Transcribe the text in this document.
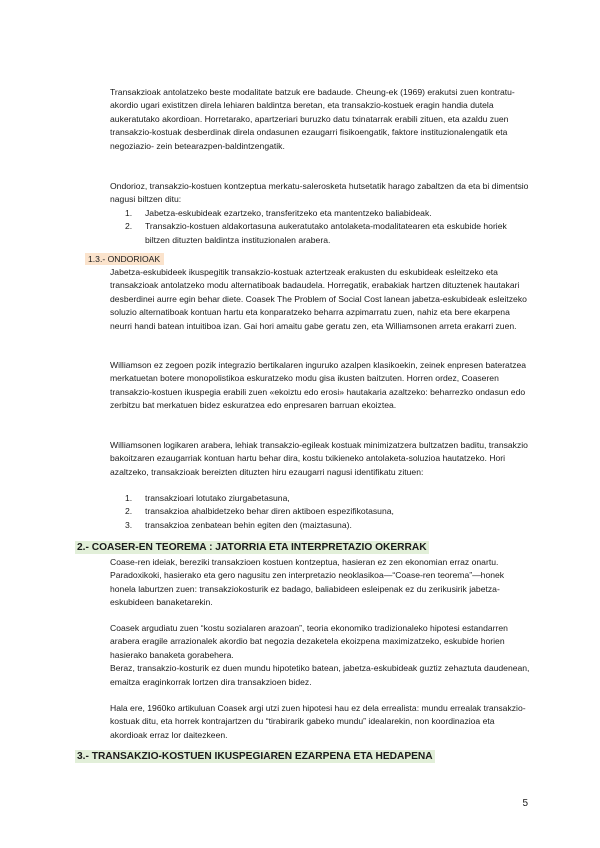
Transakzioak antolatzeko beste modalitate batzuk ere badaude. Cheung-ek (1969) erakutsi zuen kontratu-akordio ugari existitzen direla lehiaren baldintza beretan, eta transakzio-kostuek eragin handia dutela aukeratutako akordioan. Horretarako, apartzeriari buruzko datu txinatarrak erabili zituen, eta azaldu zuen transakzio-kostuak desberdinak direla ondasunen ezaugarri fisikoengatik, faktore instituzionalengatik eta negoziazio- zein betearazpen-baldintzengatik.

Ondorioz, transakzio-kostuen kontzeptua merkatu-salerosketa hutsetatik harago zabaltzen da eta bi dimentsio nagusi biltzen ditu:

1.	Jabetza-eskubideak ezartzeko, transferitzeko eta mantentzeko baliabideak.
2.	Transakzio-kostuen aldakortasuna aukeratutako antolaketa-modalitatearen eta eskubide horiek biltzen dituzten baldintza instituzionalen arabera.
1.3.- ONDORIOAK

Jabetza-eskubideek ikuspegitik transakzio-kostuak aztertzeak erakusten du eskubideak esleitzeko eta transakzioak antolatzeko modu alternatiboak badaudela. Horregatik, erabakiak hartzen dituztenek hautakari desberdinei aurre egin behar diete. Coasek The Problem of Social Cost lanean jabetza-eskubideak esleitzeko soluzio alternatiboak kontuan hartu eta konparatzeko beharra azpimarratu zuen, nahiz eta bere ekarpena neurri handi batean intuitiboa izan. Gai hori amaitu gabe geratu zen, eta Williamsonen arreta erakarri zuen.

Williamson ez zegoen pozik integrazio bertikalaren inguruko azalpen klasikoekin, zeinek enpresen bateratzea merkatuetan botere monopolistikoa eskuratzeko modu gisa ikusten baitzuten. Horren ordez, Coaseren transakzio-kostuen ikuspegia erabili zuen «ekoiztu edo erosi» hautakaria azaltzeko: beharrezko ondasun edo zerbitzu bat merkatuen bidez eskuratzea edo enpresaren barruan ekoiztea.

Williamsonen logikaren arabera, lehiak transakzio-egileak kostuak minimizatzera bultzatzen baditu, transakzio bakoitzaren ezaugarriak kontuan hartu behar dira, kostu txikieneko antolaketa-soluzioa hautatzeko. Hori azaltzeko, transakzioak bereizten dituzten hiru ezaugarri nagusi identifikatu zituen:

1.	transakzioari lotutako ziurgabetasuna,
2.	transakzioa ahalbidetzeko behar diren aktiboen espezifikotasuna,
3.	transakzioa zenbatean behin egiten den (maiztasuna).
2.- COASER-EN TEOREMA : JATORRIA ETA INTERPRETAZIO OKERRAK

Coase-ren ideiak, bereziki transakzioen kostuen kontzeptua, hasieran ez zen ekonomian erraz onartu. Paradoxikoki, hasierako eta gero nagusitu zen interpretazio neoklasikoa—“Coase-ren teorema”—honek honela laburtzen zuen: transakziokosturik ez badago, baliabideen esleipenak ez du zerikusirik jabetza-eskubideen banaketarekin.

Coasek argudiatu zuen “kostu sozialaren arazoan”, teoria ekonomiko tradizionaleko hipotesi estandarren arabera eragile arrazionalek akordio bat negozia dezaketela ekoizpena maximizatzeko, eskubide horien hasierako banaketa gorabehera.

Beraz, transakzio-kosturik ez duen mundu hipotetiko batean, jabetza-eskubideak guztiz zehaztuta daudenean, emaitza eraginkorrak lortzen dira transakzioen bidez.

Hala ere, 1960ko artikuluan Coasek argi utzi zuen hipotesi hau ez dela errealista: mundu errealak transakzio-kostuak ditu, eta horrek kontrajartzen du “tirabirarik gabeko mundu” idealarekin, non koordinazioa eta akordioak erraz lor daitezkeen.

3.- TRANSAKZIO-KOSTUEN IKUSPEGIAREN EZARPENA ETA HEDAPENA
5
